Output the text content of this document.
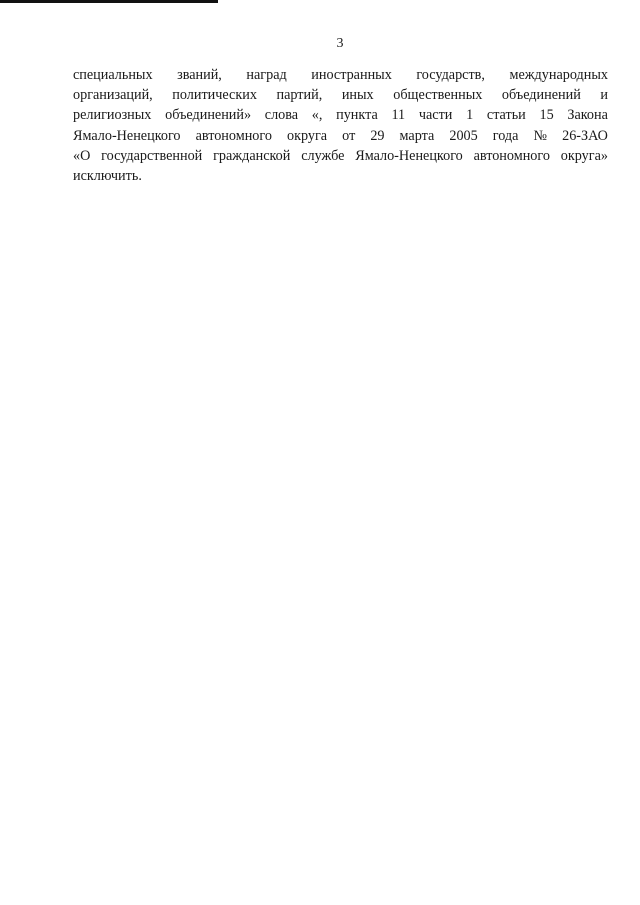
3
специальных званий, наград иностранных государств, международных
организаций, политических партий, иных общественных объединений и
религиозных объединений» слова «, пункта 11 части 1 статьи 15 Закона
Ямало-Ненецкого автономного округа от 29 марта 2005 года № 26-ЗАО
«О государственной гражданской службе Ямало-Ненецкого автономного округа»
исключить.
